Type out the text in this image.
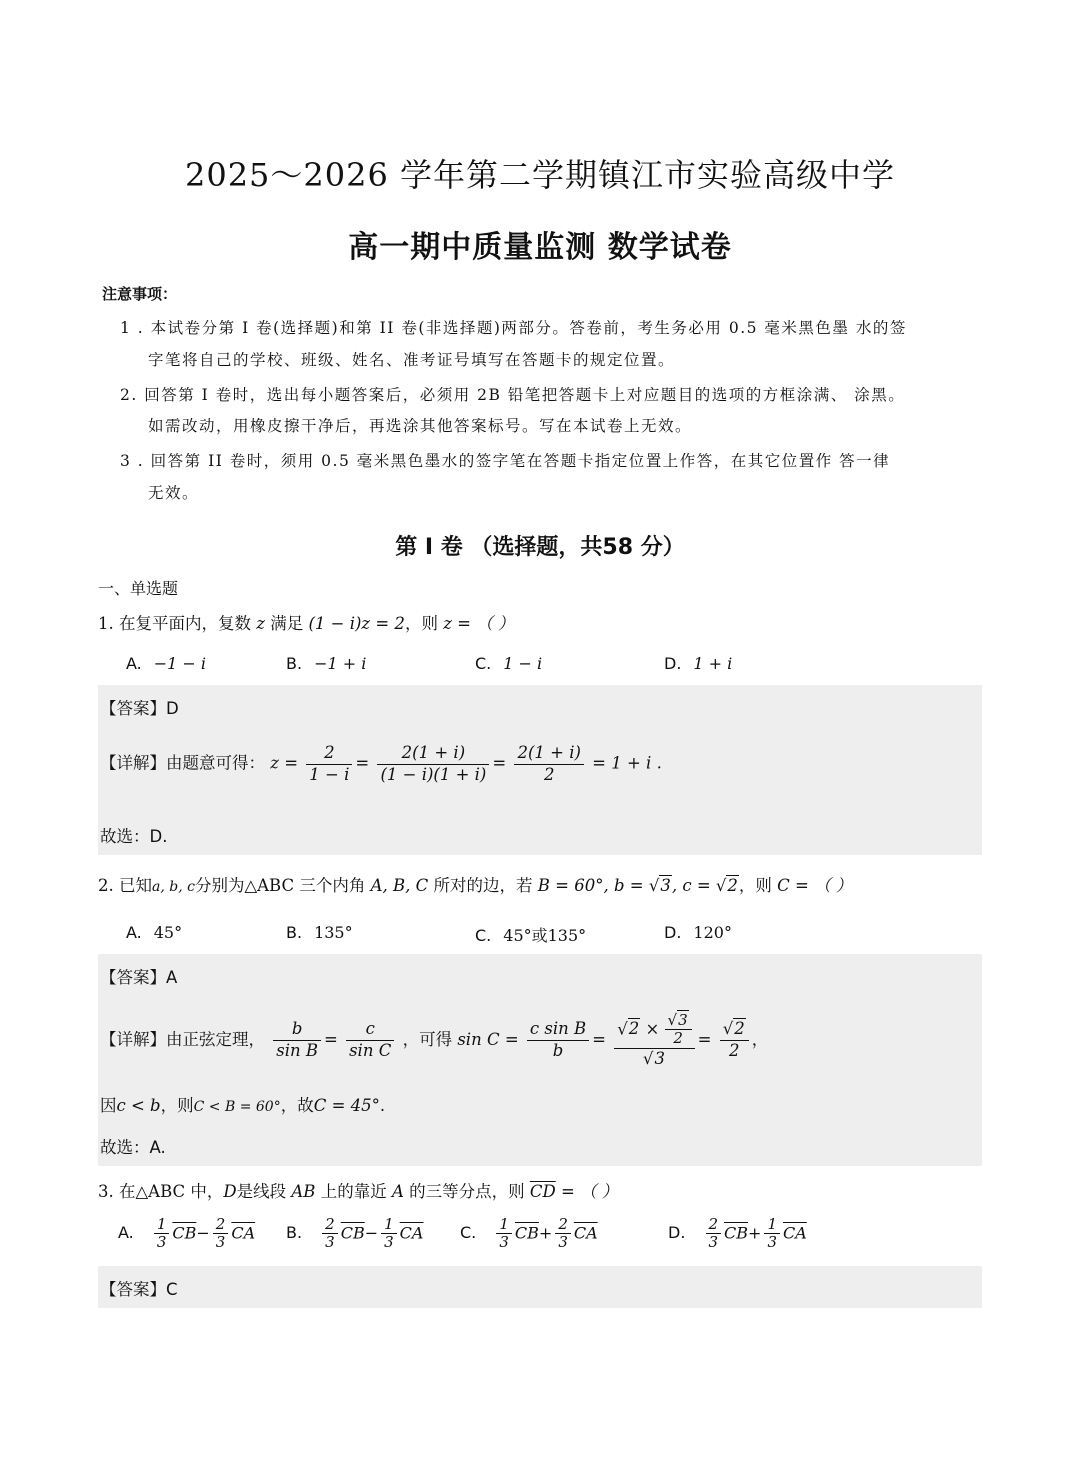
2025～2026 学年第二学期镇江市实验高级中学
高一期中质量监测 数学试卷
注意事项：
1 . 本试卷分第 I 卷(选择题)和第 II 卷(非选择题)两部分。答卷前，考生务必用 0.5 毫米黑色墨 水的签
字笔将自己的学校、班级、姓名、准考证号填写在答题卡的规定位置。
2. 回答第 I 卷时，选出每小题答案后，必须用 2B 铅笔把答题卡上对应题目的选项的方框涂满、 涂黑。
如需改动，用橡皮擦干净后，再选涂其他答案标号。写在本试卷上无效。
3 . 回答第 II 卷时，须用 0.5 毫米黑色墨水的签字笔在答题卡指定位置上作答，在其它位置作 答一律
无效。
第 I 卷 （选择题，共58 分）
一、单选题
1. 在复平面内，复数 z 满足 (1 − i)z = 2，则 z = （ ）
A. −1 − i	B. −1 + i	C. 1 − i	D. 1 + i
【答案】D
【详解】由题意可得： $z = \frac{2}{1 - i} = \frac{2(1 + i)}{(1 - i)(1 + i)} = \frac{2(1 + i)}{2} = 1 + i$ .
故选：D.
2. 已知a, b, c分别为△ABC 三个内角 A, B, C 所对的边，若 B = 60°, b = √3, c = √2，则 C = （ ）
A. 45°	B. 135°	C. 45°或135°	D. 120°
【答案】A
【详解】由正弦定理， $\frac{b}{\text{sin B}} = \frac{c}{\text{sin C}}$ ，可得 $\sin C = \frac{\text{c sin B}}{b} = \frac{√2 \times \frac{√3}{2}}{√3} = \frac{√2}{2}$ ，
因c < b，则C < B = 60°，故C = 45°.
故选：A.
3. 在△ABC 中，D是线段 AB 上的靠近 A 的三等分点，则 $\overline{CD}$ = （ ）
A. $\frac{1}{3} \overline{CB}- \frac{2}{3} \overline{CA}$ B. $\frac{2}{3} \overline{CB}- \frac{1}{3} \overline{CA}$ C. $\frac{1}{3} \overline{CB}+ \frac{2}{3} \overline{CA}$	D. $\frac{2}{3} \overline{CB}+ \frac{1}{3} \overline{CA}$
【答案】C
